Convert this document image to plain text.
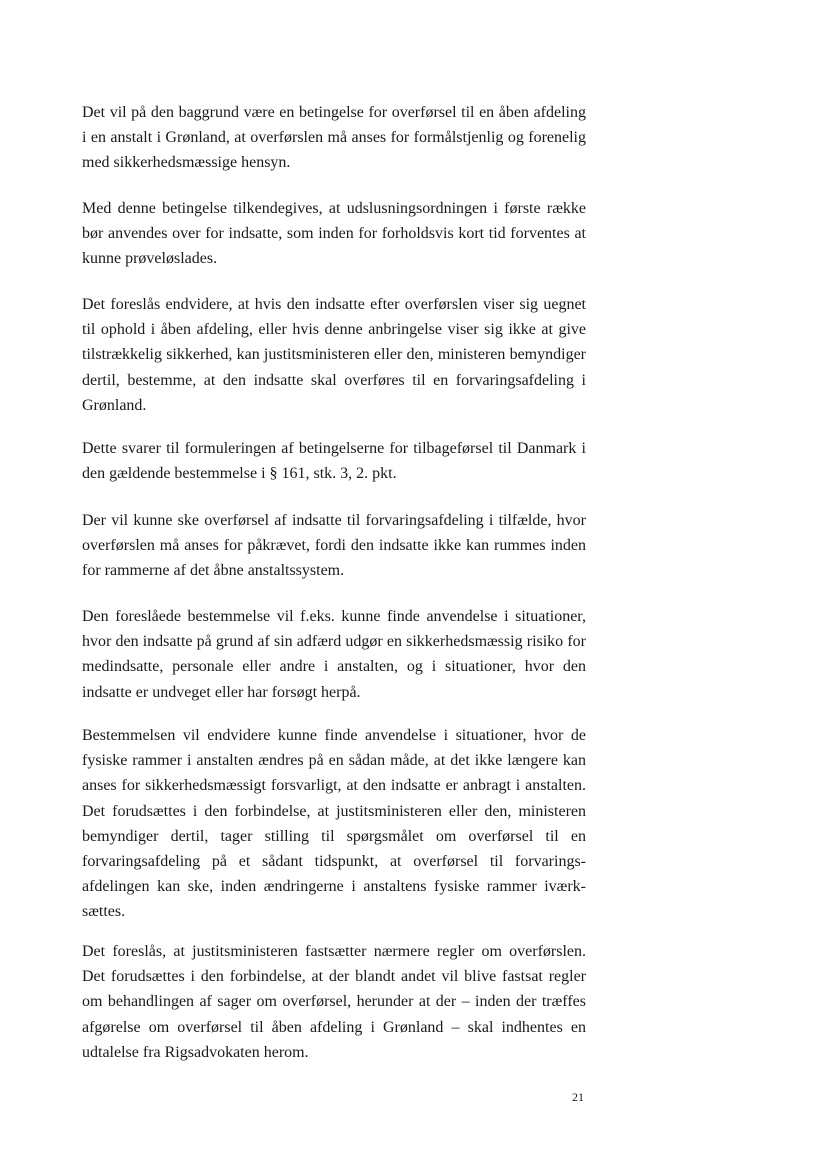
Det vil på den baggrund være en betingelse for overførsel til en åben afdeling i en anstalt i Grønland, at overførslen må anses for formålstjenlig og forenelig med sikkerhedsmæssige hensyn.

Med denne betingelse tilkendegives, at udslusningsordningen i første række bør anvendes over for indsatte, som inden for forholdsvis kort tid forventes at kunne prøveløslades.

Det foreslås endvidere, at hvis den indsatte efter overførslen viser sig uegnet til ophold i åben afdeling, eller hvis denne anbringelse viser sig ikke at give tilstrækkelig sikkerhed, kan justitsministeren eller den, ministeren bemyndiger dertil, bestemme, at den indsatte skal overføres til en forvaringsafdeling i Grønland.

Dette svarer til formuleringen af betingelserne for tilbageførsel til Danmark i den gældende bestemmelse i § 161, stk. 3, 2. pkt.

Der vil kunne ske overførsel af indsatte til forvaringsafdeling i tilfælde, hvor overførslen må anses for påkrævet, fordi den indsatte ikke kan rummes inden for rammerne af det åbne anstaltssystem.

Den foreslåede bestemmelse vil f.eks. kunne finde anvendelse i situationer, hvor den indsatte på grund af sin adfærd udgør en sikkerhedsmæssig risiko for medindsatte, personale eller andre i anstalten, og i situationer, hvor den indsatte er undveget eller har forsøgt herpå.

Bestemmelsen vil endvidere kunne finde anvendelse i situationer, hvor de fysiske rammer i anstalten ændres på en sådan måde, at det ikke længere kan anses for sikkerhedsmæssigt forsvarligt, at den indsatte er anbragt i anstalten. Det forudsættes i den forbindelse, at justitsministeren eller den, ministeren bemyndiger dertil, tager stilling til spørgsmålet om overførsel til en forvaringsafdeling på et sådant tidspunkt, at overførsel til forvaringsafdelingen kan ske, inden ændringerne i anstaltens fysiske rammer iværksættes.

Det foreslås, at justitsministeren fastsætter nærmere regler om overførslen. Det forudsættes i den forbindelse, at der blandt andet vil blive fastsat regler om behandlingen af sager om overførsel, herunder at der – inden der træffes afgørelse om overførsel til åben afdeling i Grønland – skal indhentes en udtalelse fra Rigsadvokaten herom.

21
